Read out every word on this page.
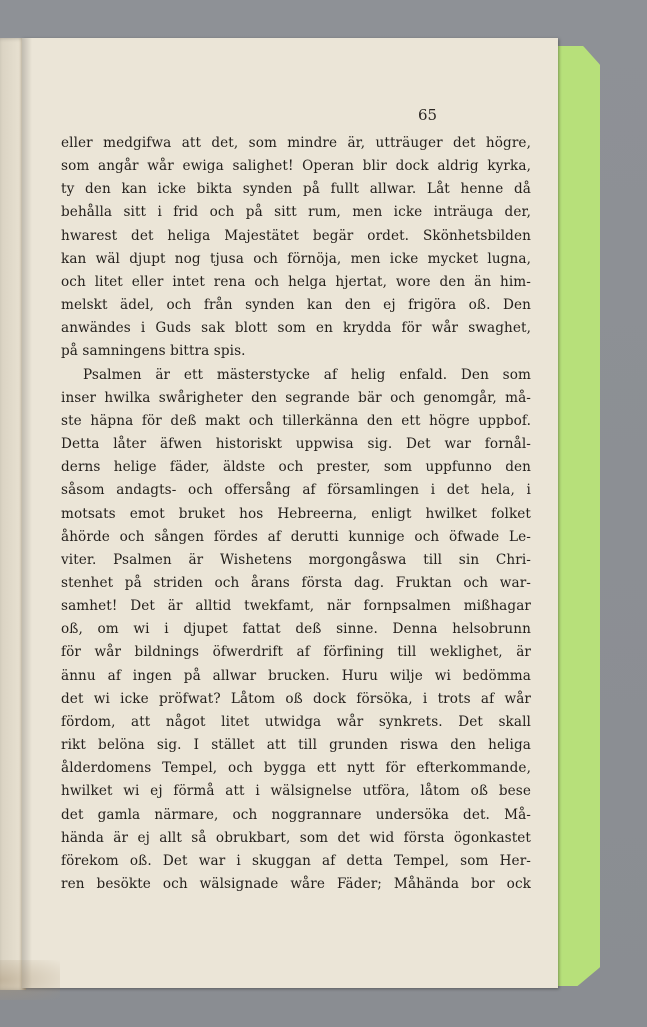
65
eller medgifwa att det, som mindre är, utträuger det högre,
som angår wår ewiga salighet! Operan blir dock aldrig kyrka,
ty den kan icke bikta synden på fullt allwar. Låt henne då
behålla sitt i frid och på sitt rum, men icke inträuga der,
hwarest det heliga Majestätet begär ordet. Skönhetsbilden
kan wäl djupt nog tjusa och förnöja, men icke mycket lugna,
och litet eller intet rena och helga hjertat, wore den än him-
melskt ädel, och från synden kan den ej frigöra oß. Den
anwändes i Guds sak blott som en krydda för wår swaghet,
på samningens bittra spis.
Psalmen är ett mästerstycke af helig enfald. Den som
inser hwilka swårigheter den segrande bär och genomgår, må-
ste häpna för deß makt och tillerkänna den ett högre uppbof.
Detta låter äfwen historiskt uppwisa sig. Det war fornål-
derns helige fäder, äldste och prester, som uppfunno den
såsom andagts- och offersång af församlingen i det hela, i
motsats emot bruket hos Hebreerna, enligt hwilket folket
åhörde och sången fördes af derutti kunnige och öfwade Le-
viter. Psalmen är Wishetens morgongåswa till sin Chri-
stenhet på striden och årans första dag. Fruktan och war-
samhet! Det är alltid twekfamt, när fornpsalmen mißhagar
oß, om wi i djupet fattat deß sinne. Denna helsobrunn
för wår bildnings öfwerdrift af förfining till weklighet, är
ännu af ingen på allwar brucken. Huru wilje wi bedömma
det wi icke pröfwat? Låtom oß dock försöka, i trots af wår
fördom, att något litet utwidga wår synkrets. Det skall
rikt belöna sig. I stället att till grunden riswa den heliga
ålderdomens Tempel, och bygga ett nytt för efterkommande,
hwilket wi ej förmå att i wälsignelse utföra, låtom oß bese
det gamla närmare, och noggrannare undersöka det. Må-
hända är ej allt så obrukbart, som det wid första ögonkastet
förekom oß. Det war i skuggan af detta Tempel, som Her-
ren besökte och wälsignade wåre Fäder; Måhända bor ock
